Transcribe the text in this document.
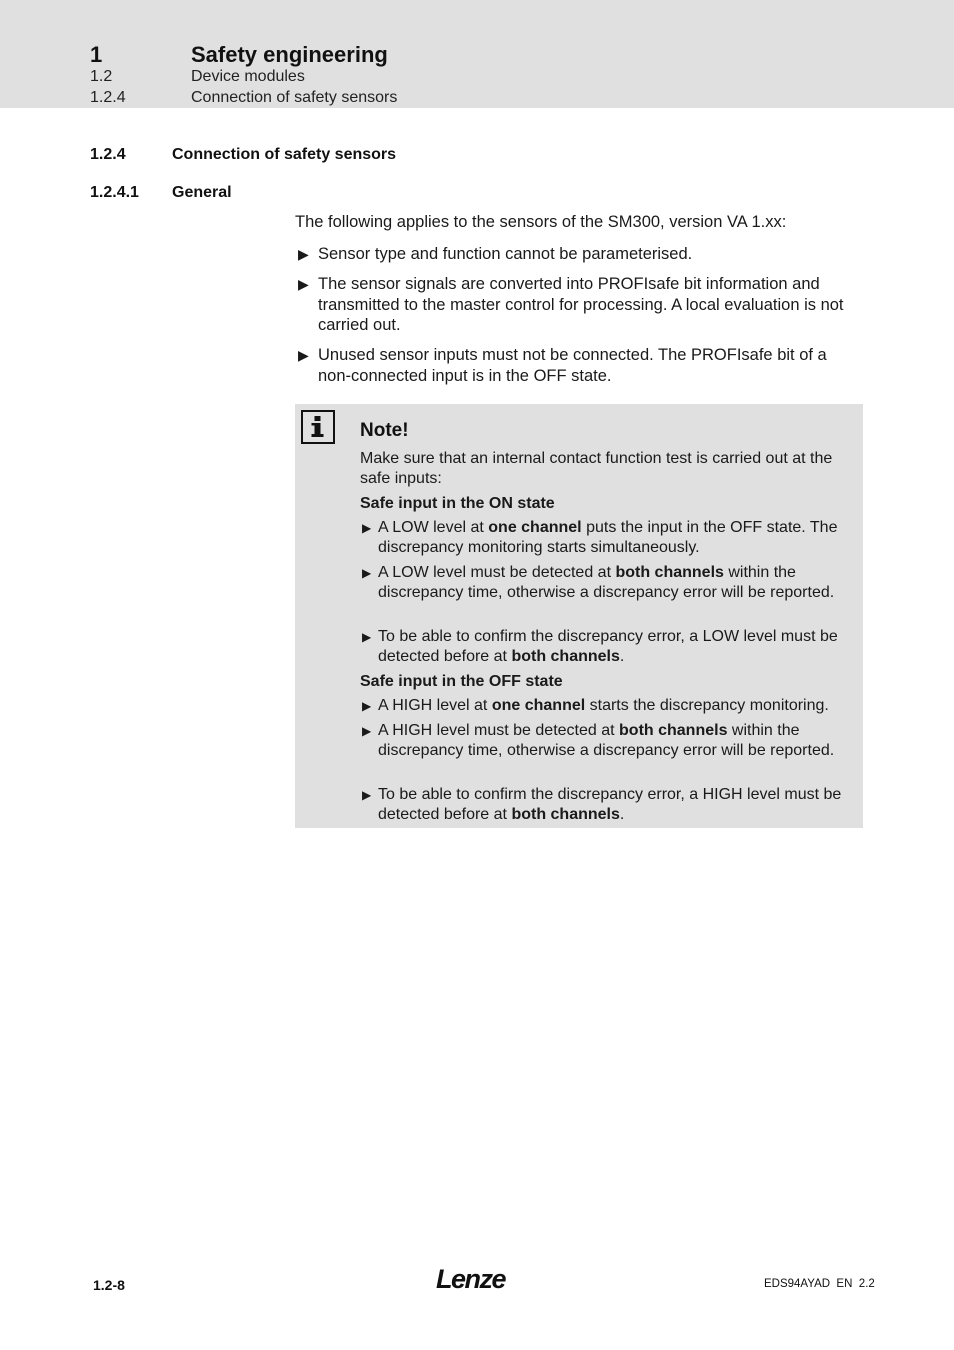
1	Safety engineering
1.2	Device modules
1.2.4	Connection of safety sensors
1.2.4	Connection of safety sensors
1.2.4.1 General
The following applies to the sensors of the SM300, version VA 1.xx:
▶ Sensor type and function cannot be parameterised.
▶ The sensor signals are converted into PROFIsafe bit information and transmitted to the master control for processing. A local evaluation is not carried out.
▶ Unused sensor inputs must not be connected. The PROFIsafe bit of a non-connected input is in the OFF state.
Note!
Make sure that an internal contact function test is carried out at the safe inputs:
Safe input in the ON state
▶ A LOW level at one channel puts the input in the OFF state. The discrepancy monitoring starts simultaneously.
▶ A LOW level must be detected at both channels within the discrepancy time, otherwise a discrepancy error will be reported.
▶ To be able to confirm the discrepancy error, a LOW level must be detected before at both channels.
Safe input in the OFF state
▶ A HIGH level at one channel starts the discrepancy monitoring.
▶ A HIGH level must be detected at both channels within the discrepancy time, otherwise a discrepancy error will be reported.
▶ To be able to confirm the discrepancy error, a HIGH level must be detected before at both channels.
1.2-8	Lenze	EDS94AYAD  EN  2.2
